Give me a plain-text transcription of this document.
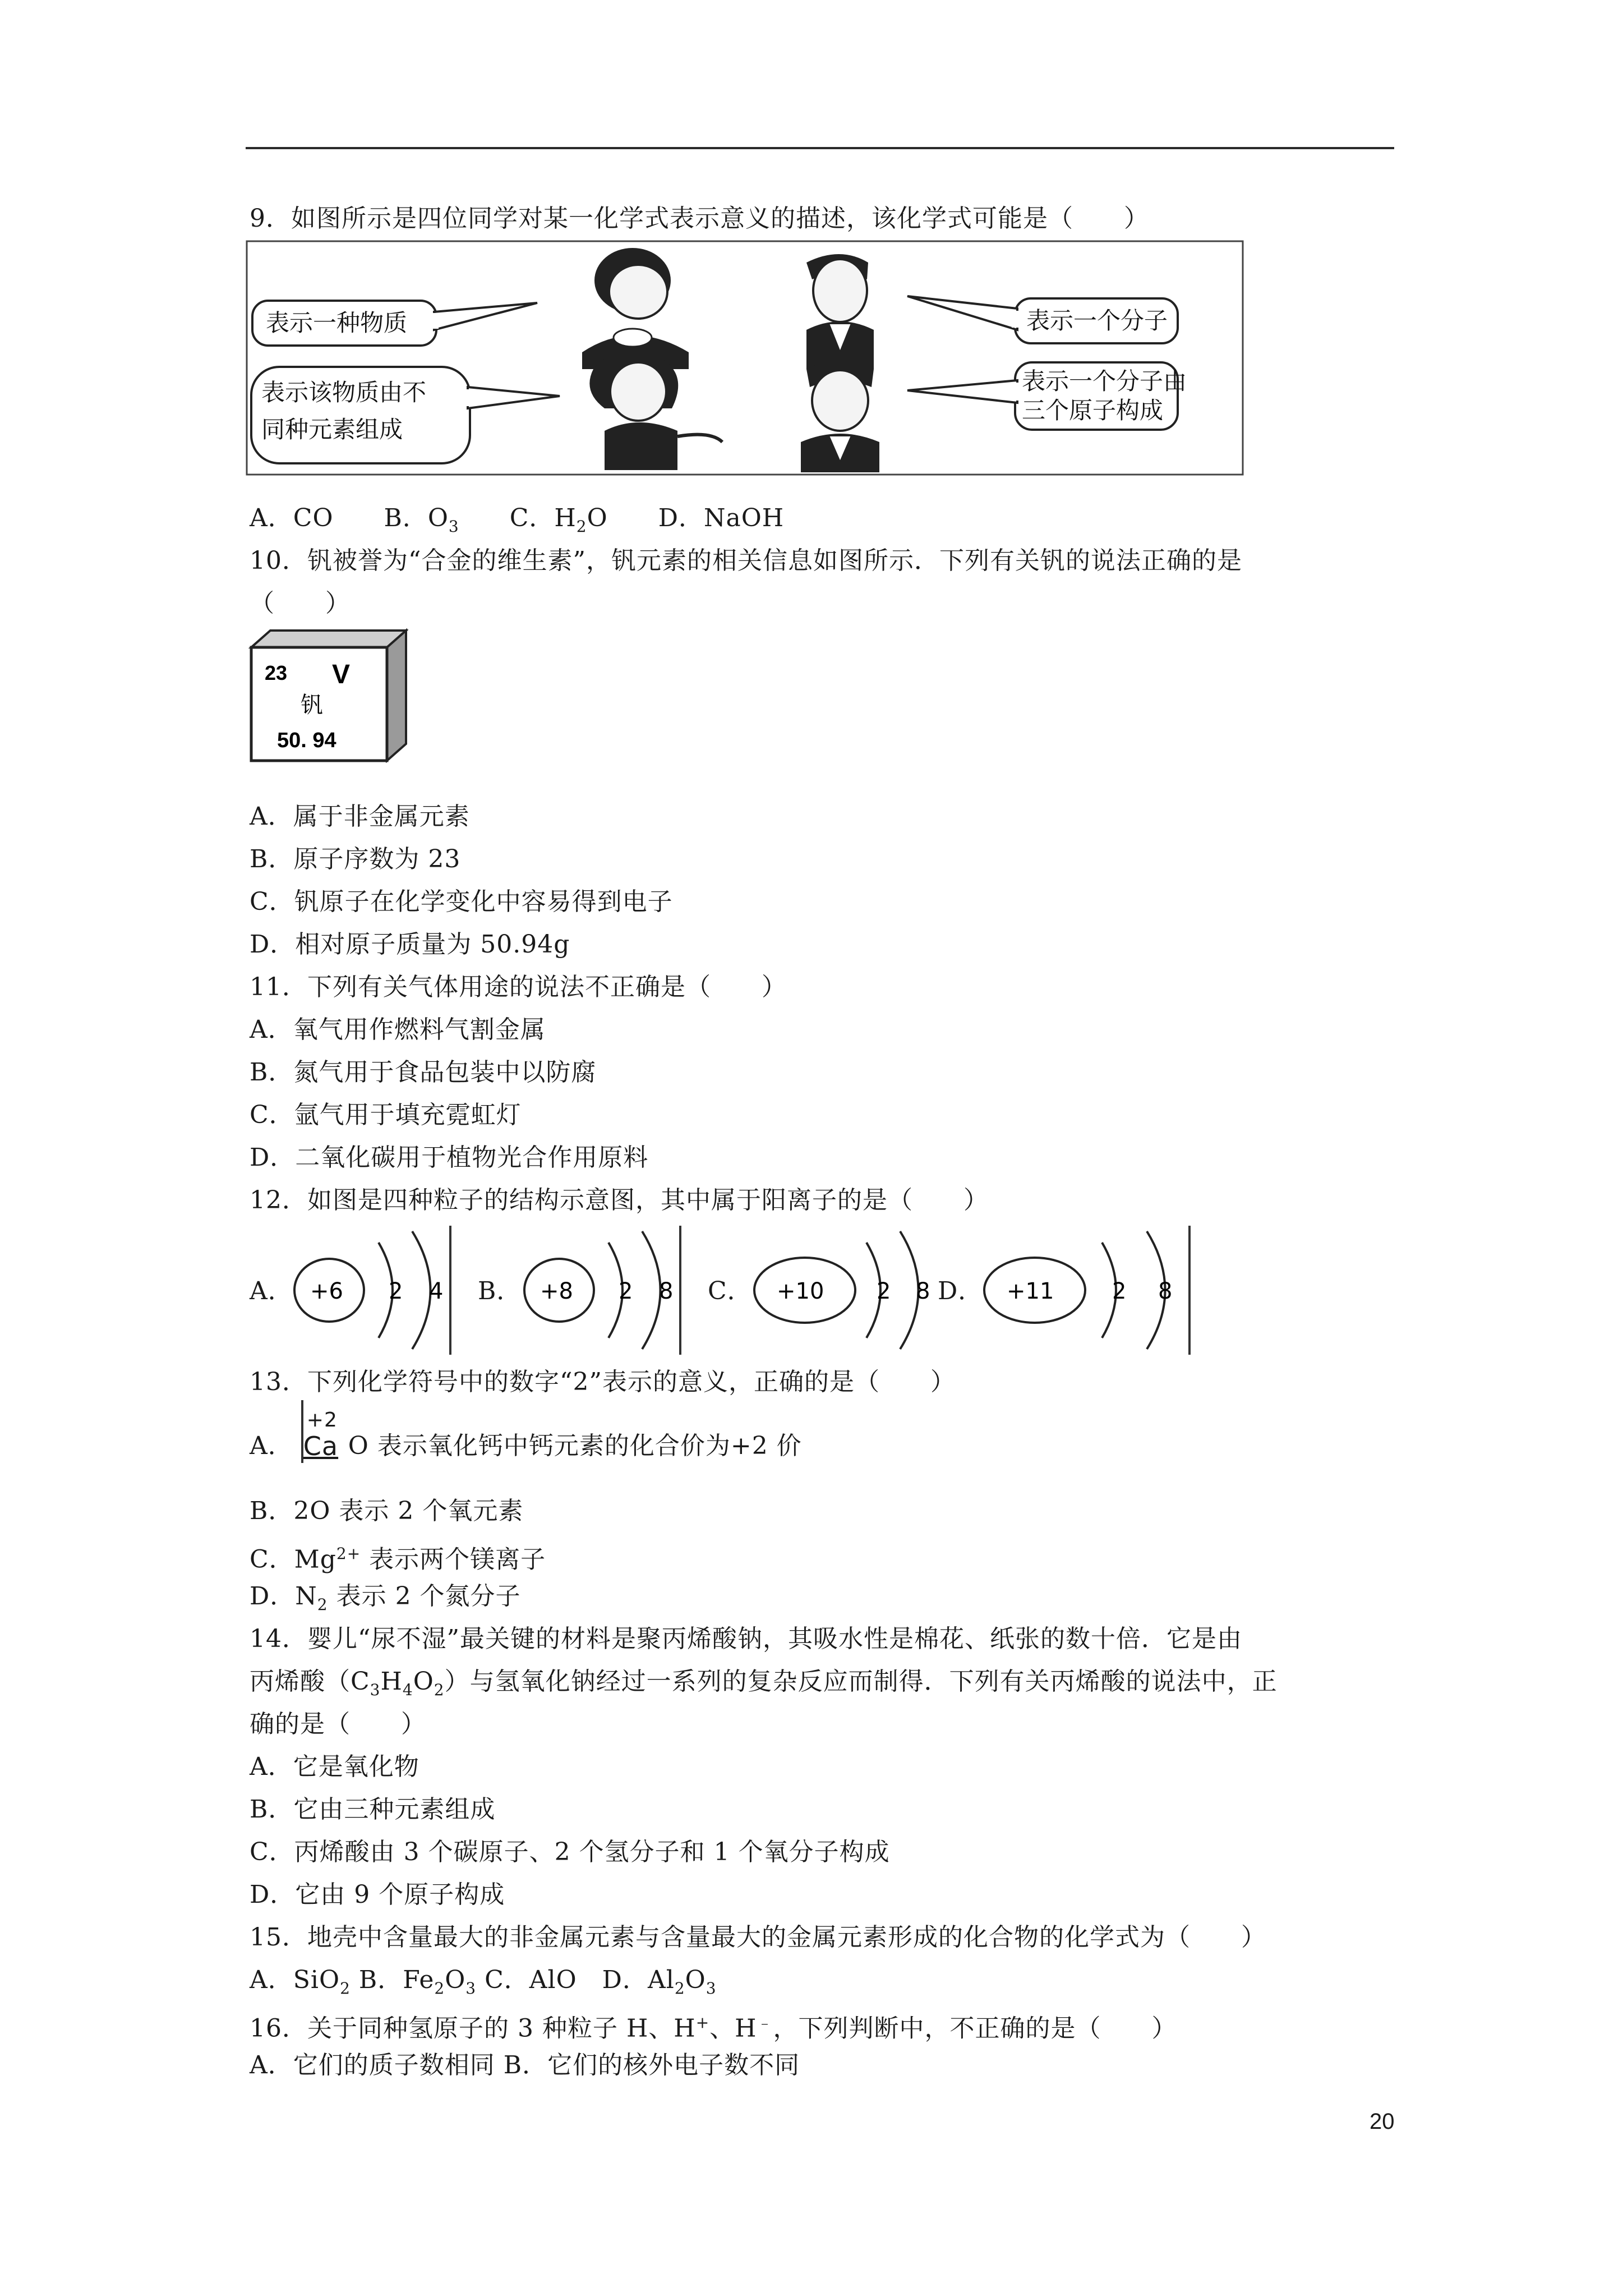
9．如图所示是四位同学对某一化学式表示意义的描述，该化学式可能是（　　）
表示一种物质	表示一个分子
表示该物质由不
同种元素组成
表示一个分子由
三个原子构成
A．CO　　 B．$O_3$　　 C．$H_2O$　　 D．NaOH
10．钒被誉为“合金的维生素”，钒元素的相关信息如图所示．下列有关钒的说法正确的是
（　　）
23 V
钒
50. 94
A．属于非金属元素
B．原子序数为 23
C．钒原子在化学变化中容易得到电子
D．相对原子质量为 50.94g
11．下列有关气体用途的说法不正确是（　　）
A．氧气用作燃料气割金属
B．氮气用于食品包装中以防腐
C．氩气用于填充霓虹灯
D．二氧化碳用于植物光合作用原料
12．如图是四种粒子的结构示意图，其中属于阳离子的是（　　）
A． +6 2 4 B． +8 2 8 C． +10 2 8 D． +11	2 8
13．下列化学符号中的数字“2”表示的意义，正确的是（　　）
A．
+2
Ca O 表示氧化钙中钙元素的化合价为+2 价
B．2O 表示 2 个氧元素
C．$Mg^{2+}$ 表示两个镁离子
D．$N_2$ 表示 2 个氮分子
14．婴儿“尿不湿”最关键的材料是聚丙烯酸钠，其吸水性是棉花、纸张的数十倍．它是由
丙烯酸$(C_3H_4O_2)$与氢氧化钠经过一系列的复杂反应而制得．下列有关丙烯酸的说法中，正
确的是（　　）
A．它是氧化物
B．它由三种元素组成
C．丙烯酸由 3 个碳原子、2 个氢分子和 1 个氧分子构成
D．它由 9 个原子构成
15．地壳中含量最大的非金属元素与含量最大的金属元素形成的化合物的化学式为（　　）
A．SiO$_2$ B．$Fe_2O_3$ C．AlO　D．$Al_2O_3$
16．关于同种氢原子的 3 种粒子 H、H+、H﹣，下列判断中，不正确的是（　　）
A．它们的质子数相同 B．它们的核外电子数不同
20
